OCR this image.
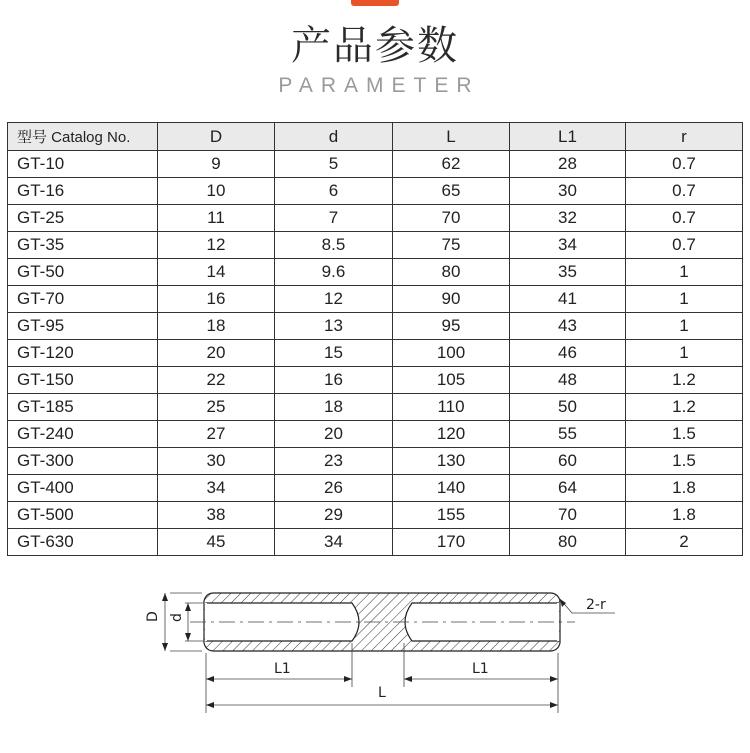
产品参数
PARAMETER
型号 Catalog No.	D	d	L	L1	r
GT-10	9	5	62	28	0.7
GT-16	10	6	65	30	0.7
GT-25	11	7	70	32	0.7
GT-35	12	8.5	75	34	0.7
GT-50	14	9.6	80	35	1
GT-70	16	12	90	41	1
GT-95	18	13	95	43	1
GT-120	20	15	100	46	1
GT-150	22	16	105	48	1.2
GT-185	25	18	110	50	1.2
GT-240	27	20	120	55	1.5
GT-300	30	23	130	60	1.5
GT-400	34	26	140	64	1.8
GT-500	38	29	155	70	1.8
GT-630	45	34	170	80	2
D d
L1	L1
L
2-r
